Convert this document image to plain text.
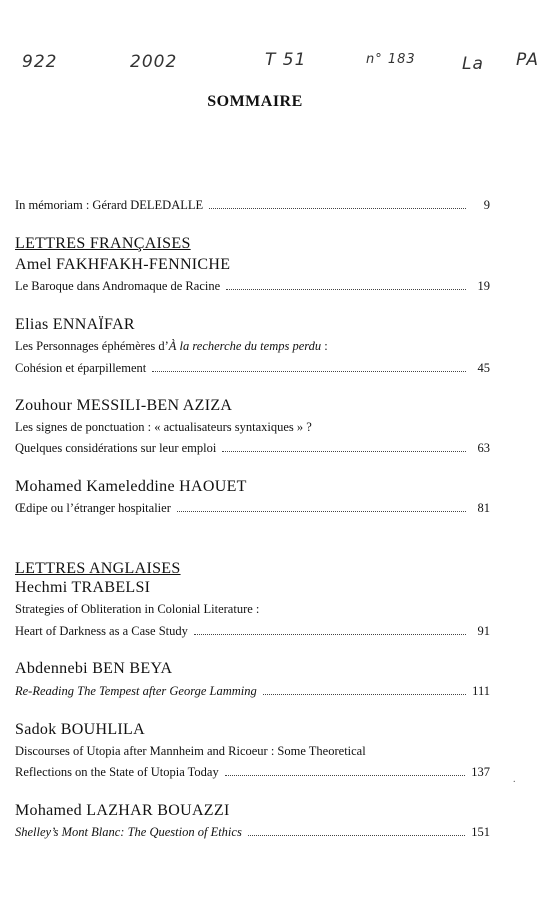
922	2002	T 51	n° 183	La PA
SOMMAIRE
In mémoriam : Gérard DELEDALLE	9
LETTRES FRANÇAISES
Amel FAKHFAKH-FENNICHE
Le Baroque dans Andromaque de Racine	19
Elias ENNAÏFAR
Les Personnages éphémères d’À la recherche du temps perdu :
Cohésion et éparpillement	45
Zouhour MESSILI-BEN AZIZA
Les signes de ponctuation : « actualisateurs syntaxiques » ?
Quelques considérations sur leur emploi	63
Mohamed Kameleddine HAOUET
Œdipe ou l’étranger hospitalier	81
LETTRES ANGLAISES
Hechmi TRABELSI
Strategies of Obliteration in Colonial Literature :
Heart of Darkness as a Case Study	91
Abdennebi BEN BEYA
Re-Reading The Tempest after George Lamming	111
Sadok BOUHLILA
Discourses of Utopia after Mannheim and Ricoeur : Some Theoretical
Reflections on the State of Utopia Today	137
.
Mohamed LAZHAR BOUAZZI
Shelley’s Mont Blanc: The Question of Ethics	151
